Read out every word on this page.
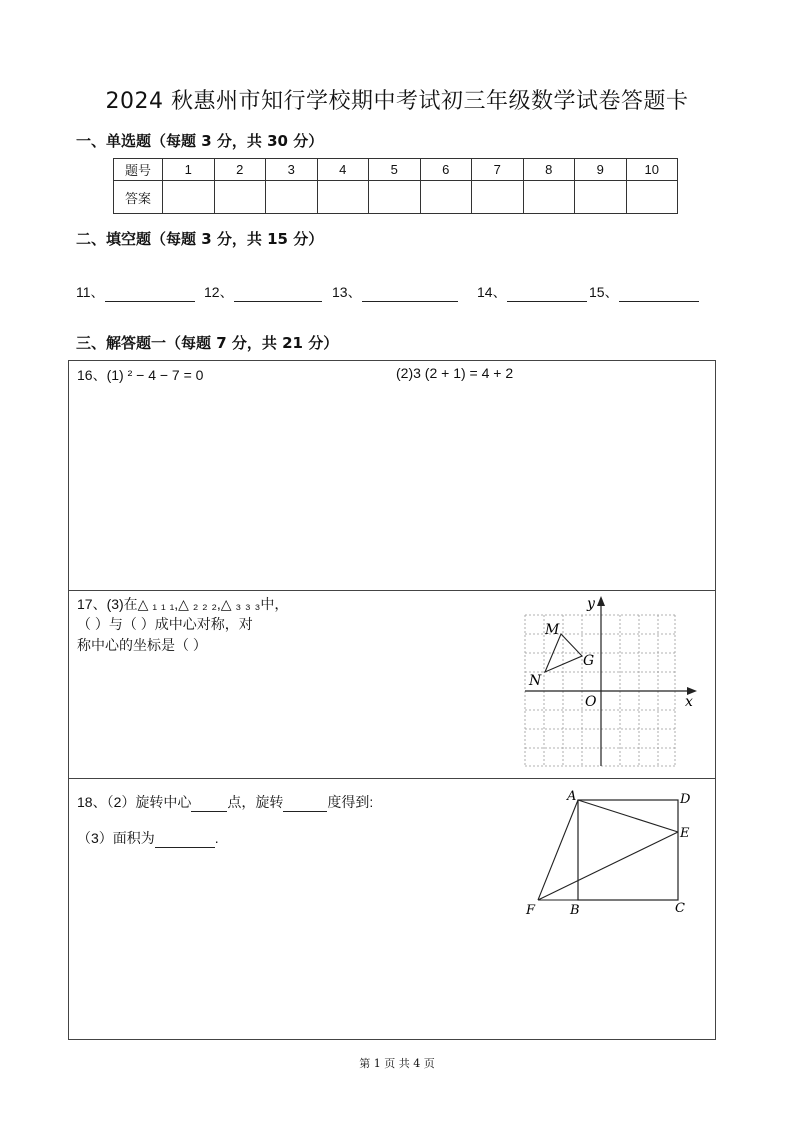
2024 秋惠州市知行学校期中考试初三年级数学试卷答题卡
一、单选题（每题 3 分，共 30 分）
题号	1	2	3	4	5	6	7	8	9	10
答案										
二、填空题（每题 3 分，共 15 分）
11、	12、	13、	14、	15、
三、解答题一（每题 7 分，共 21 分）
16、(1) ² − 4 − 7 = 0	(2)3 (2 + 1) = 4 + 2
17、(3)在△ ₁ ₁ ₁,△ ₂ ₂ ₂,△ ₃ ₃ ₃中，
（ ）与（ ）成中心对称，对
称中心的坐标是（ ）
M
G
N
O	x
y
18、（2）旋转中心	点，旋转	度得到:
（3）面积为	.
A	D
E
F	B	C
第 1 页 共 4 页
